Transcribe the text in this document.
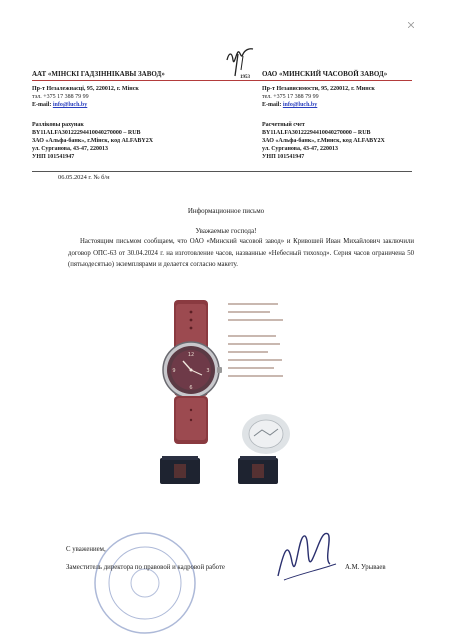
1953
ААТ «МІНСКІ ГАДЗІННІКАВЫ ЗАВОД»	ОАО «МИНСКИЙ ЧАСОВОЙ ЗАВОД»
Пр-т Незалежнасці, 95, 220012, г. Мінск
тэл. +375 17 388 79 99
E-mail: info@luch.by
Разліковы рахунак
BY11ALFA30122294410040270000 – RUB
ЗАО «Альфа-банк», г.Мінск, код ALFABY2X
ул. Сурганова, 43-47, 220013
УНП 101541947
Пр-т Независимости, 95, 220012, г. Минск
тел. +375 17 388 79 99
E-mail: info@luch.by
Расчетный счет
BY11ALFA30122294410040270000 – RUB
ЗАО «Альфа-банк», г.Минск, код ALFABY2X
ул. Сурганова, 43-47, 220013
УНП 101541947
06.05.2024 г. № б/н
Информационное письмо
Уважаемые господа!
Настоящим письмом сообщаем, что ОАО «Минский часовой завод» и Кривошей Иван Михайлович заключили договор ОПС-63 от 30.04.2024 г. на изготовление часов, названные «Небесный тихоход». Серия часов ограничена 50 (пятьюдесятью) экземплярами и делается согласно макету.
12
6
9	3
С уважением,
Заместитель директора по правовой и кадровой работе	А.М. Урываев
